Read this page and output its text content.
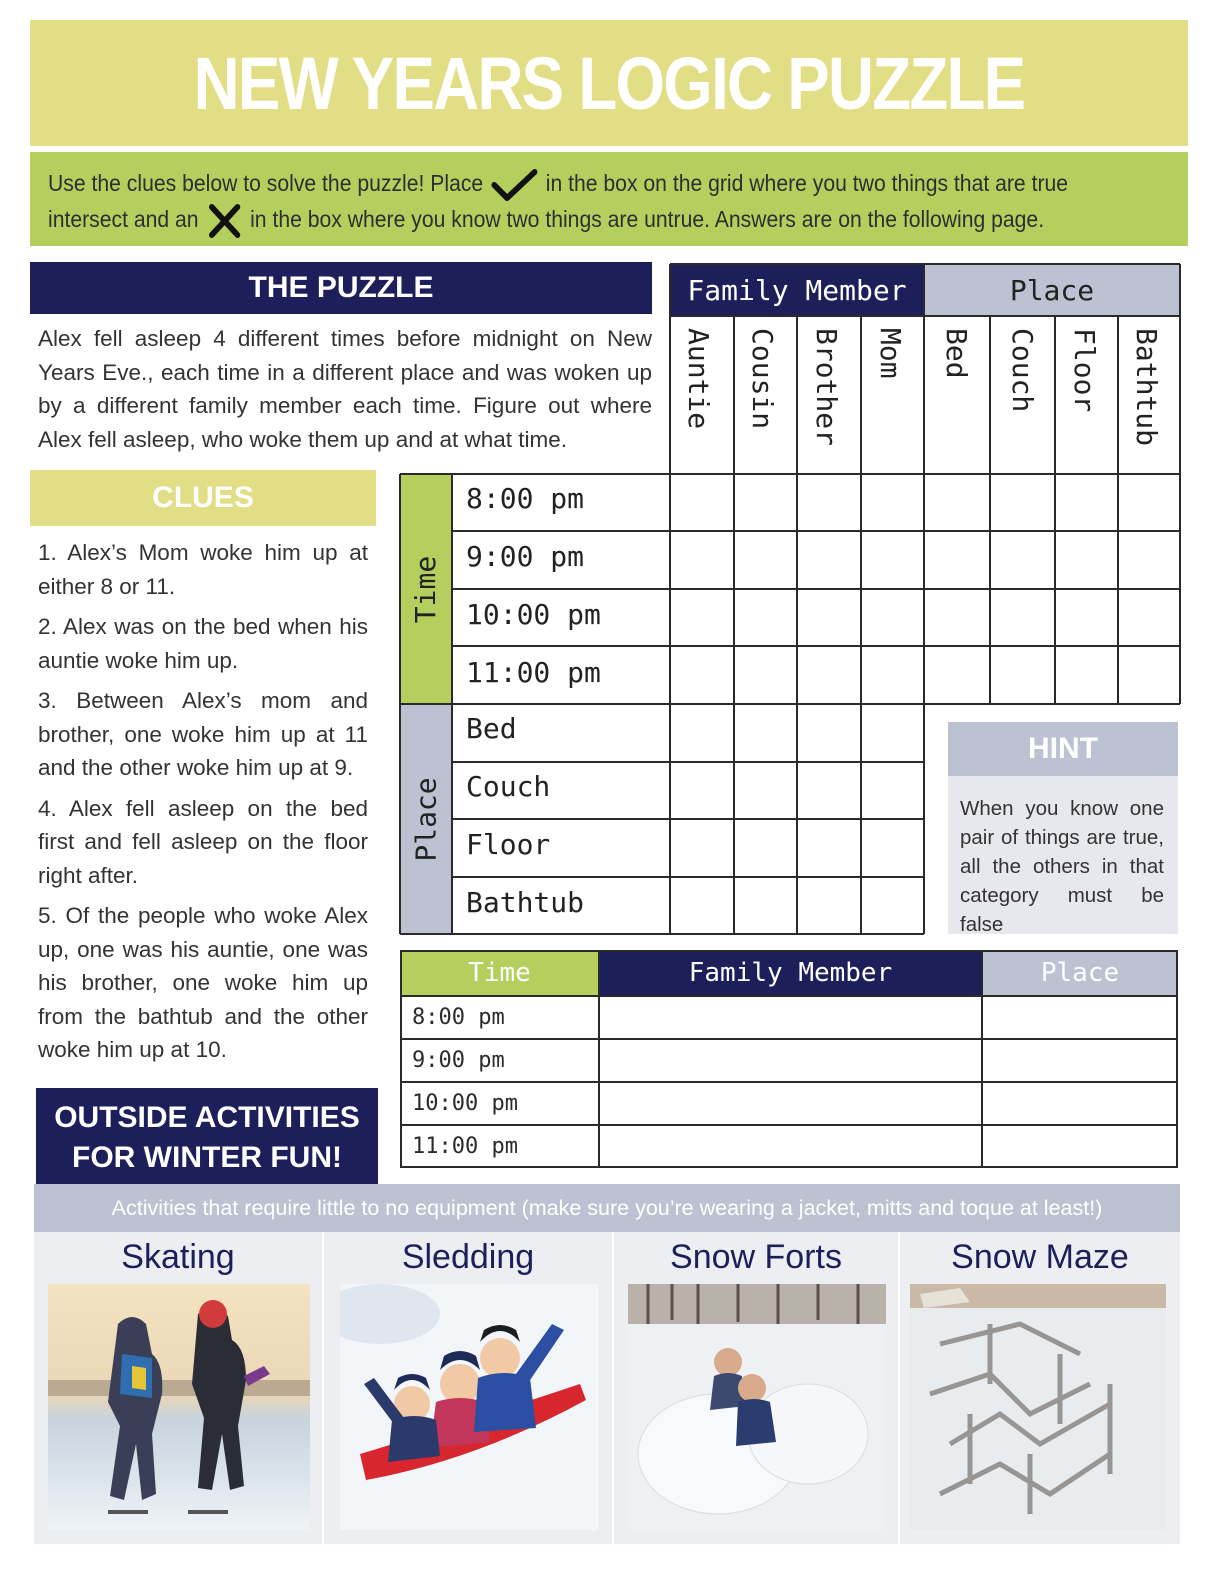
NEW YEARS LOGIC PUZZLE
Use the clues below to solve the puzzle! Place	in the box on the grid where you two things that are true
intersect and an in the box where you know two things are untrue. Answers are on the following page.
THE PUZZLE
Alex fell asleep 4 different times before midnight on New Years Eve., each time in a different place and was woken up by a different family member each time. Figure out where Alex fell asleep, who woke them up and at what time.
CLUES

1. Alex’s Mom woke him up at either 8 or 11.

2. Alex was on the bed when his auntie woke him up.

3. Between Alex’s mom and brother, one woke him up at 11 and the other woke him up at 9.

4. Alex fell asleep on the bed first and fell asleep on the floor right after.

5. Of the people who woke Alex up, one was his auntie, one was his brother, one woke him up from the bathtub and the other woke him up at 10.

OUTSIDE ACTIVITIES
FOR WINTER FUN!
Family Member	Place
Auntie Cousin Brother Mom Bed Couch Floor Bathtub
Time
Place
8:00 pm
9:00 pm
10:00 pm
11:00 pm
Bed
Couch
Floor
Bathtub
HINT
When you know one pair of things are true, all the others in that category must be false
Time	Family Member	Place
8:00 pm
9:00 pm
10:00 pm
11:00 pm
Activities that require little to no equipment (make sure you’re wearing a jacket, mitts and toque at least!)
Skating	Sledding	Snow Forts	Snow Maze
